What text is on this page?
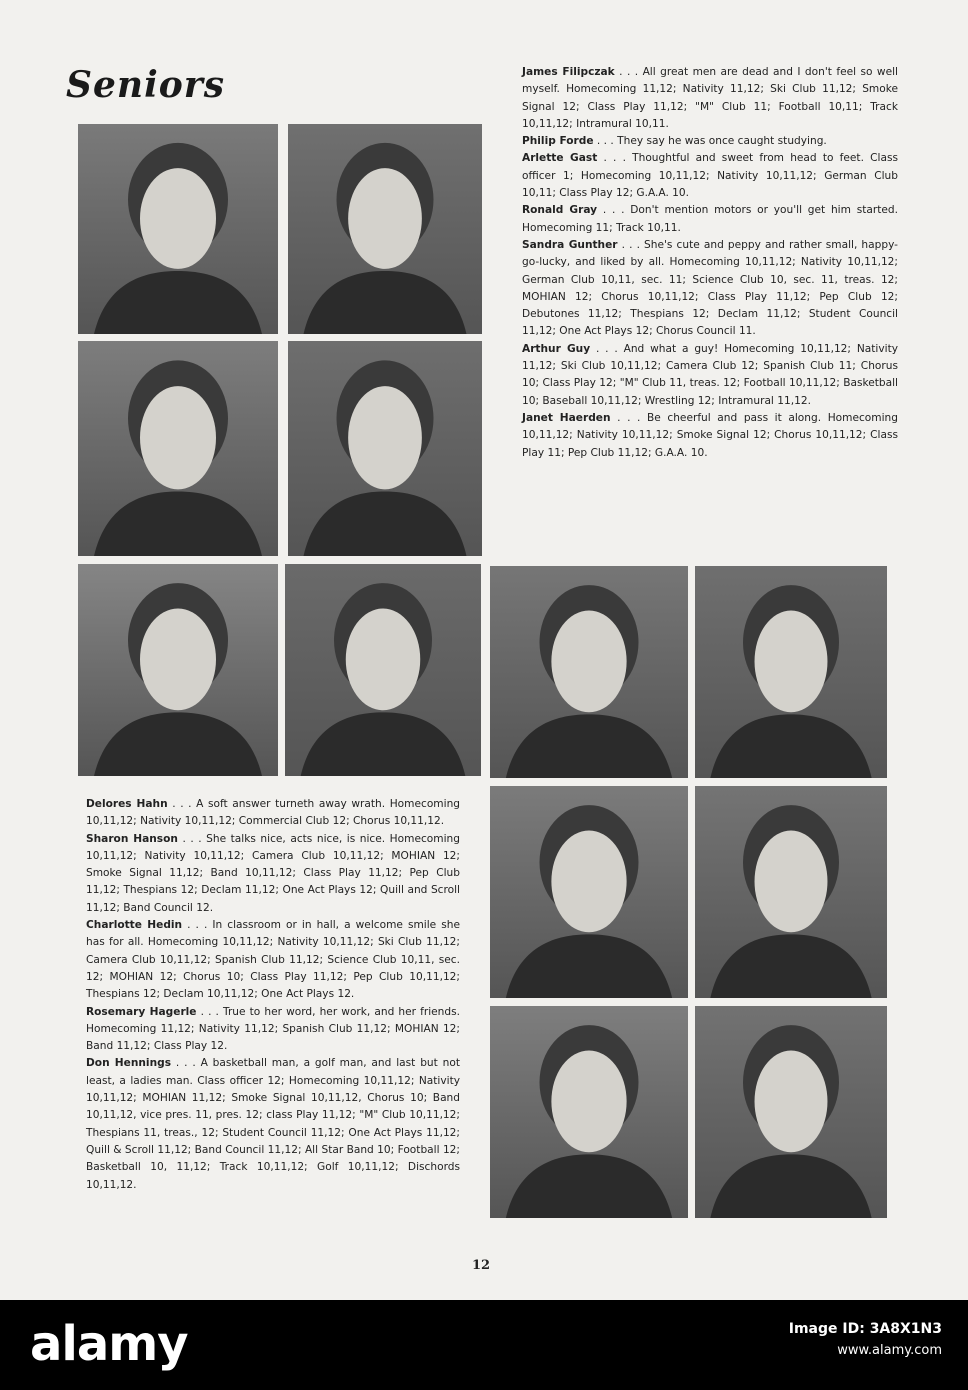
Seniors	James Filipczak . . . All great men are dead and I don't feel so well myself. Homecoming 11,12; Nativity 11,12; Ski Club 11,12; Smoke Signal 12; Class Play 11,12; "M" Club 11; Football 10,11; Track 10,11,12; Intramural 10,11.

Philip Forde . . . They say he was once caught studying.

Arlette Gast . . . Thoughtful and sweet from head to feet. Class officer 1; Homecoming 10,11,12; Nativity 10,11,12; German Club 10,11; Class Play 12; G.A.A. 10.

Ronald Gray . . . Don't mention motors or you'll get him started. Homecoming 11; Track 10,11.

Sandra Gunther . . . She's cute and peppy and rather small, happy-go-lucky, and liked by all. Homecoming 10,11,12; Nativity 10,11,12; German Club 10,11, sec. 11; Science Club 10, sec. 11, treas. 12; MOHIAN 12; Chorus 10,11,12; Class Play 11,12; Pep Club 12; Debutones 11,12; Thespians 12; Declam 11,12; Student Council 11,12; One Act Plays 12; Chorus Council 11.

Arthur Guy . . . And what a guy! Homecoming 10,11,12; Nativity 11,12; Ski Club 10,11,12; Camera Club 12; Spanish Club 11; Chorus 10; Class Play 12; "M" Club 11, treas. 12; Football 10,11,12; Basketball 10; Baseball 10,11,12; Wrestling 12; Intramural 11,12.

Janet Haerden . . . Be cheerful and pass it along. Homecoming 10,11,12; Nativity 10,11,12; Smoke Signal 12; Chorus 10,11,12; Class Play 11; Pep Club 11,12; G.A.A. 10.

Delores Hahn . . . A soft answer turneth away wrath. Homecoming 10,11,12; Nativity 10,11,12; Commercial Club 12; Chorus 10,11,12.

Sharon Hanson . . . She talks nice, acts nice, is nice. Homecoming 10,11,12; Nativity 10,11,12; Camera Club 10,11,12; MOHIAN 12; Smoke Signal 11,12; Band 10,11,12; Class Play 11,12; Pep Club 11,12; Thespians 12; Declam 11,12; One Act Plays 12; Quill and Scroll 11,12; Band Council 12.

Charlotte Hedin . . . In classroom or in hall, a welcome smile she has for all. Homecoming 10,11,12; Nativity 10,11,12; Ski Club 11,12; Camera Club 10,11,12; Spanish Club 11,12; Science Club 10,11, sec. 12; MOHIAN 12; Chorus 10; Class Play 11,12; Pep Club 10,11,12; Thespians 12; Declam 10,11,12; One Act Plays 12.

Rosemary Hagerle . . . True to her word, her work, and her friends. Homecoming 11,12; Nativity 11,12; Spanish Club 11,12; MOHIAN 12; Band 11,12; Class Play 12.

Don Hennings . . . A basketball man, a golf man, and last but not least, a ladies man. Class officer 12; Homecoming 10,11,12; Nativity 10,11,12; MOHIAN 11,12; Smoke Signal 10,11,12, Chorus 10; Band 10,11,12, vice pres. 11, pres. 12; class Play 11,12; "M" Club 10,11,12; Thespians 11, treas., 12; Student Council 11,12; One Act Plays 11,12; Quill & Scroll 11,12; Band Council 11,12; All Star Band 10; Football 12; Basketball 10, 11,12; Track 10,11,12; Golf 10,11,12; Dischords 10,11,12.

12
alamy	Image ID: 3A8X1N3
www.alamy.com
